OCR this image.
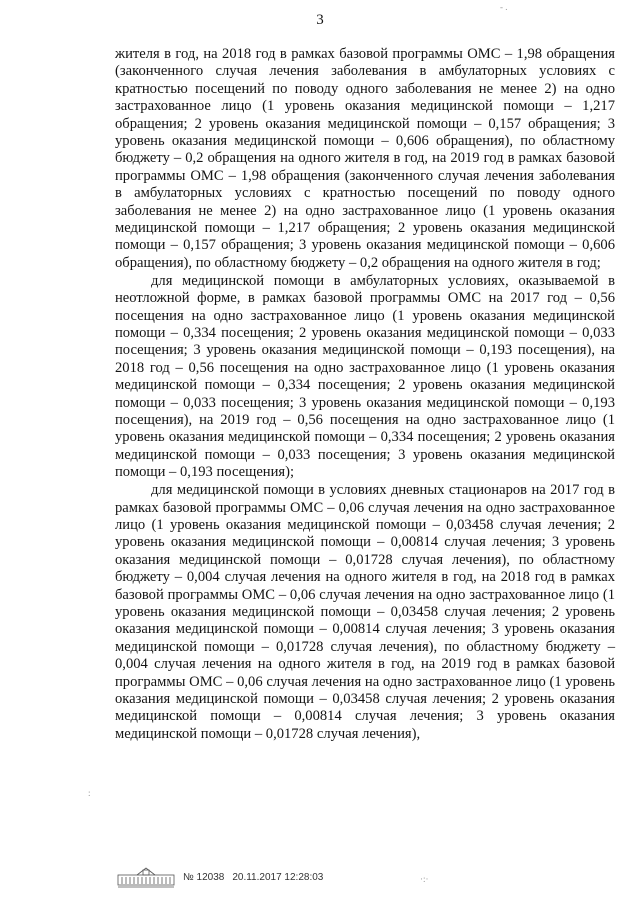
3

жителя в год, на 2018 год в рамках базовой программы ОМС – 1,98 обращения (законченного случая лечения заболевания в амбулаторных условиях с кратностью посещений по поводу одного заболевания не менее 2) на одно застрахованное лицо (1 уровень оказания медицинской помощи – 1,217 обращения; 2 уровень оказания медицинской помощи – 0,157 обращения; 3 уровень оказания медицинской помощи – 0,606 обращения), по областному бюджету – 0,2 обращения на одного жителя в год, на 2019 год в рамках базовой программы ОМС – 1,98 обращения (законченного случая лечения заболевания в амбулаторных условиях с кратностью посещений по поводу одного заболевания не менее 2) на одно застрахованное лицо (1 уровень оказания медицинской помощи – 1,217 обращения; 2 уровень оказания медицинской помощи – 0,157 обращения; 3 уровень оказания медицинской помощи – 0,606 обращения), по областному бюджету – 0,2 обращения на одного жителя в год;

для медицинской помощи в амбулаторных условиях, оказываемой в неотложной форме, в рамках базовой программы ОМС на 2017 год – 0,56 посещения на одно застрахованное лицо (1 уровень оказания медицинской помощи – 0,334 посещения; 2 уровень оказания медицинской помощи – 0,033 посещения; 3 уровень оказания медицинской помощи – 0,193 посещения), на 2018 год – 0,56 посещения на одно застрахованное лицо (1 уровень оказания медицинской помощи – 0,334 посещения; 2 уровень оказания медицинской помощи – 0,033 посещения; 3 уровень оказания медицинской помощи – 0,193 посещения), на 2019 год – 0,56 посещения на одно застрахованное лицо (1 уровень оказания медицинской помощи – 0,334 посещения; 2 уровень оказания медицинской помощи – 0,033 посещения; 3 уровень оказания медицинской помощи – 0,193 посещения);

для медицинской помощи в условиях дневных стационаров на 2017 год в рамках базовой программы ОМС – 0,06 случая лечения на одно застрахованное лицо (1 уровень оказания медицинской помощи – 0,03458 случая лечения; 2 уровень оказания медицинской помощи – 0,00814 случая лечения; 3 уровень оказания медицинской помощи – 0,01728 случая лечения), по областному бюджету – 0,004 случая лечения на одного жителя в год, на 2018 год в рамках базовой программы ОМС – 0,06 случая лечения на одно застрахованное лицо (1 уровень оказания медицинской помощи – 0,03458 случая лечения; 2 уровень оказания медицинской помощи – 0,00814 случая лечения; 3 уровень оказания медицинской помощи – 0,01728 случая лечения), по областному бюджету – 0,004 случая лечения на одного жителя в год, на 2019 год в рамках базовой программы ОМС – 0,06 случая лечения на одно застрахованное лицо (1 уровень оказания медицинской помощи – 0,03458 случая лечения; 2 уровень оказания медицинской помощи – 0,00814 случая лечения; 3 уровень оказания медицинской помощи – 0,01728 случая лечения),

№ 12038 20.11.2017 12:28:03	·:·
:
- .
